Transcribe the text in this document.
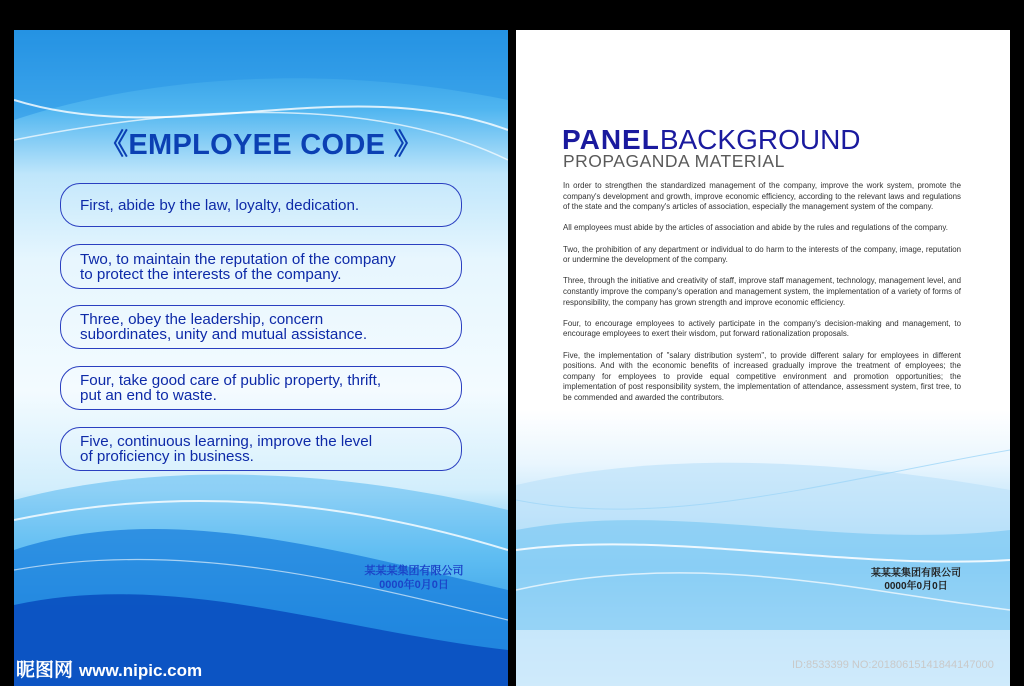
《EMPLOYEE CODE 》
First, abide by the law, loyalty, dedication.
Two, to maintain the reputation of the company
to protect the interests of the company.
Three, obey the leadership, concern
subordinates, unity and mutual assistance.
Four, take good care of public property, thrift,
put an end to waste.
Five, continuous learning, improve the level
of proficiency in business.
某某某集团有限公司
0000年0月0日
PANELBACKGROUND
PROPAGANDA MATERIAL

In order to strengthen the standardized management of the company, improve the work system, promote the company's development and growth, improve economic efficiency, according to the relevant laws and regulations of the state and the company's articles of association, especially the management system of the company.

All employees must abide by the articles of association and abide by the rules and regulations of the company.

Two, the prohibition of any department or individual to do harm to the interests of the company, image, reputation or undermine the development of the company.

Three, through the initiative and creativity of staff, improve staff management, technology, management level, and constantly improve the company's operation and management system, the implementation of a variety of forms of responsibility, the company has grown strength and improve economic efficiency.

Four, to encourage employees to actively participate in the company's decision-making and management, to encourage employees to exert their wisdom, put forward rationalization proposals.

Five, the implementation of "salary distribution system", to provide different salary for employees in different positions. And with the economic benefits of increased gradually improve the treatment of employees; the company for employees to provide equal competitive environment and promotion opportunities; the implementation of post responsibility system, the implementation of attendance, assessment system, first tree, to be commended and awarded the contributors.

某某某集团有限公司
0000年0月0日
昵图网 www.nipic.com	ID:8533399 NO:20180615141844147000
